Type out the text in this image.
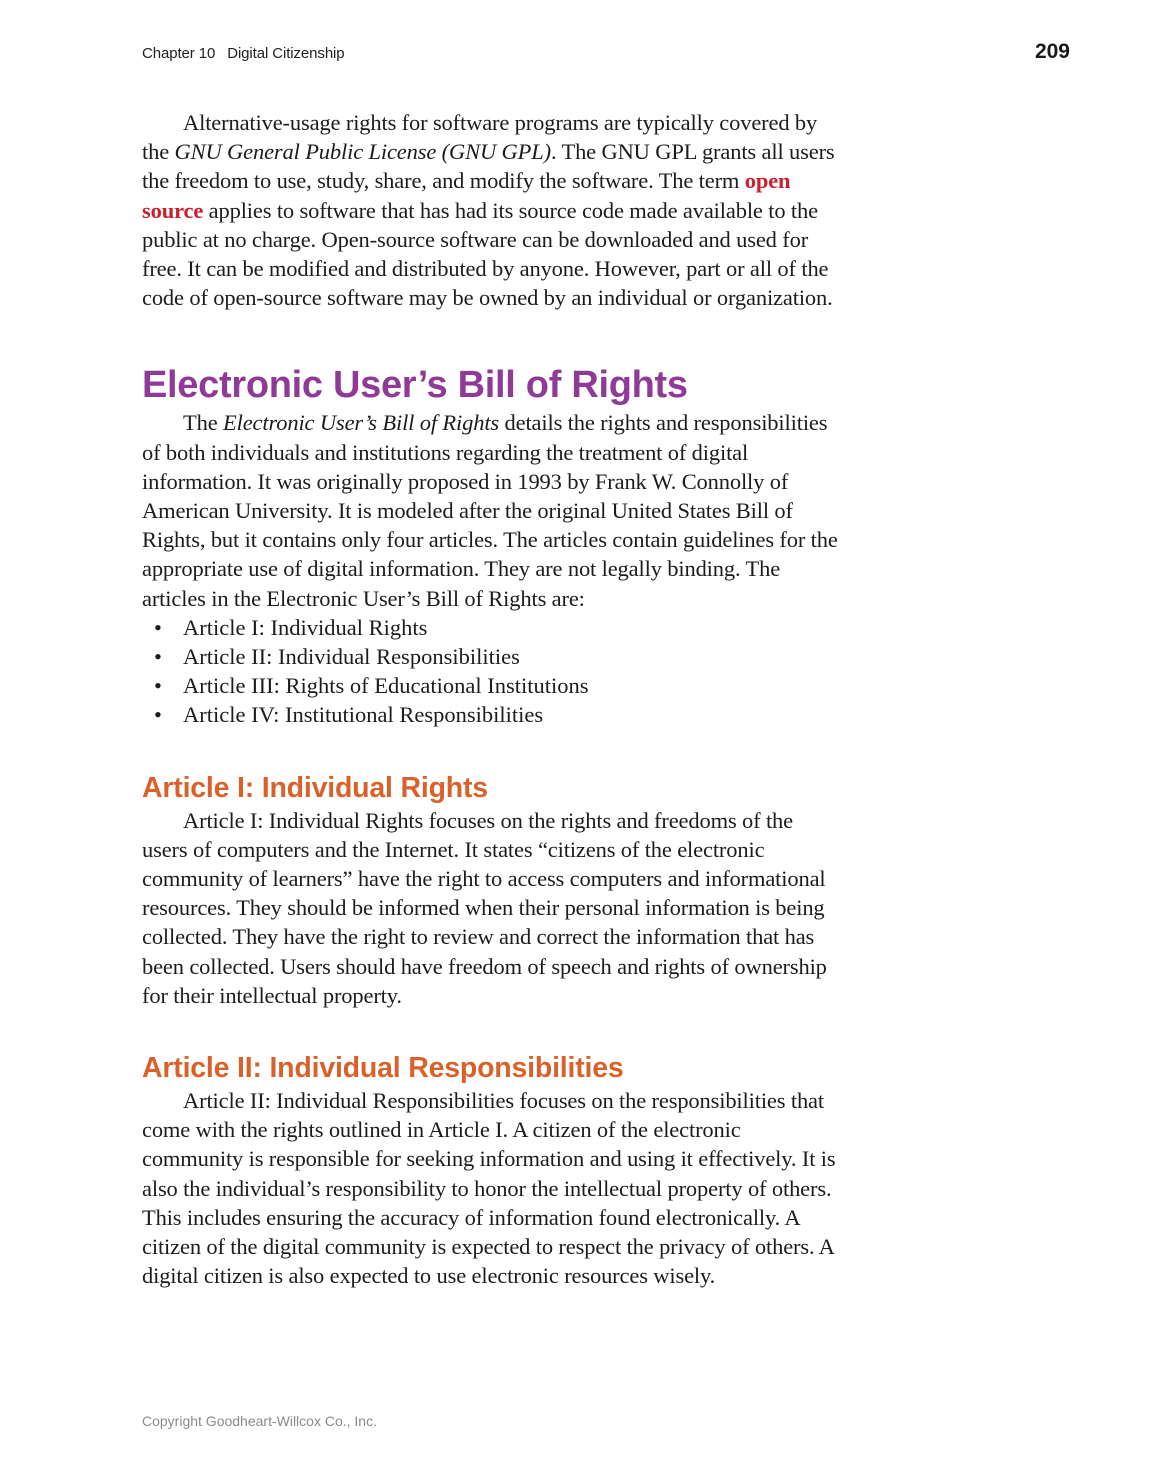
Chapter 10 Digital Citizenship	209

Alternative-usage rights for software programs are typically covered by the GNU General Public License (GNU GPL). The GNU GPL grants all users the freedom to use, study, share, and modify the software. The term open source applies to software that has had its source code made available to the public at no charge. Open-source software can be downloaded and used for free. It can be modified and distributed by anyone. However, part or all of the code of open-source software may be owned by an individual or organization.

Electronic User’s Bill of Rights

The Electronic User’s Bill of Rights details the rights and responsibilities of both individuals and institutions regarding the treatment of digital information. It was originally proposed in 1993 by Frank W. Connolly of American University. It is modeled after the original United States Bill of Rights, but it contains only four articles. The articles contain guidelines for the appropriate use of digital information. They are not legally binding. The articles in the Electronic User’s Bill of Rights are:

• Article I: Individual Rights
• Article II: Individual Responsibilities
• Article III: Rights of Educational Institutions
• Article IV: Institutional Responsibilities
Article I: Individual Rights

Article I: Individual Rights focuses on the rights and freedoms of the users of computers and the Internet. It states “citizens of the electronic community of learners” have the right to access computers and informational resources. They should be informed when their personal information is being collected. They have the right to review and correct the information that has been collected. Users should have freedom of speech and rights of ownership for their intellectual property.

Article II: Individual Responsibilities

Article II: Individual Responsibilities focuses on the responsibilities that come with the rights outlined in Article I. A citizen of the electronic community is responsible for seeking information and using it effectively. It is also the individual’s responsibility to honor the intellectual property of others. This includes ensuring the accuracy of information found electronically. A citizen of the digital community is expected to respect the privacy of others. A digital citizen is also expected to use electronic resources wisely.

Copyright Goodheart-Willcox Co., Inc.
